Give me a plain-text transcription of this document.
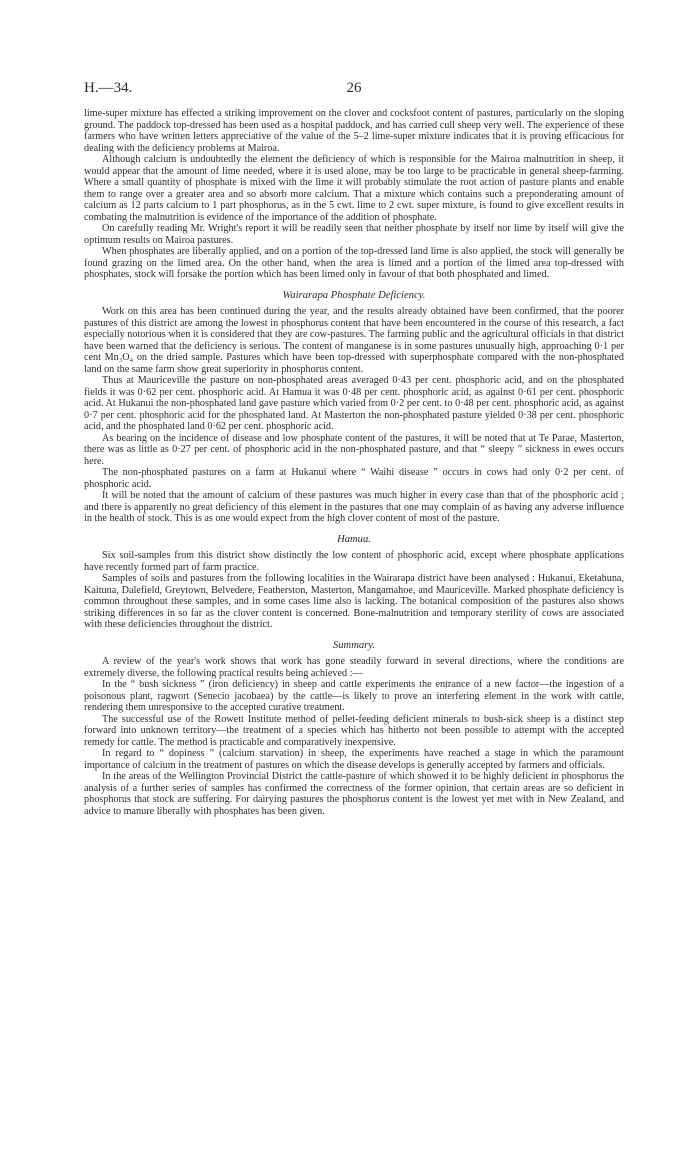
H.—34.	26

lime-super mixture has effected a striking improvement on the clover and cocksfoot content of pastures, particularly on the sloping ground. The paddock top-dressed has been used as a hospital paddock, and has carried cull sheep very well. The experience of these farmers who have written letters appreciative of the value of the 5–2 lime-super mixture indicates that it is proving efficacious for dealing with the deficiency problems at Mairoa.

Although calcium is undoubtedly the element the deficiency of which is responsible for the Mairoa malnutrition in sheep, it would appear that the amount of lime needed, where it is used alone, may be too large to be practicable in general sheep-farming. Where a small quantity of phosphate is mixed with the lime it will probably stimulate the root action of pasture plants and enable them to range over a greater area and so absorb more calcium. That a mixture which contains such a preponderating amount of calcium as 12 parts calcium to 1 part phosphorus, as in the 5 cwt. lime to 2 cwt. super mixture, is found to give excellent results in combating the malnutrition is evidence of the importance of the addition of phosphate.

On carefully reading Mr. Wright's report it will be readily seen that neither phosphate by itself nor lime by itself will give the optimum results on Mairoa pastures.

When phosphates are liberally applied, and on a portion of the top-dressed land lime is also applied, the stock will generally be found grazing on the limed area. On the other hand, when the area is limed and a portion of the limed area top-dressed with phosphates, stock will forsake the portion which has been limed only in favour of that both phosphated and limed.

Wairarapa Phosphate Deficiency.

Work on this area has been continued during the year, and the results already obtained have been confirmed, that the poorer pastures of this district are among the lowest in phosphorus content that have been encountered in the course of this research, a fact especially notorious when it is considered that they are cow-pastures. The farming public and the agricultural officials in that district have been warned that the deficiency is serious. The content of manganese is in some pastures unusually high, approaching 0·1 per cent Mn₃O₄ on the dried sample. Pastures which have been top-dressed with superphosphate compared with the non-phosphated land on the same farm show great superiority in phosphorus content.

Thus at Mauriceville the pasture on non-phosphated areas averaged 0·43 per cent. phosphoric acid, and on the phosphated fields it was 0·62 per cent. phosphoric acid. At Hamua it was 0·48 per cent. phosphoric acid, as against 0·61 per cent. phosphoric acid. At Hukanui the non-phosphated land gave pasture which varied from 0·2 per cent. to 0·48 per cent. phosphoric acid, as against 0·7 per cent. phosphoric acid for the phosphated land. At Masterton the non-phosphated pasture yielded 0·38 per cent. phosphoric acid, and the phosphated land 0·62 per cent. phosphoric acid.

As bearing on the incidence of disease and low phosphate content of the pastures, it will be noted that at Te Parae, Masterton, there was as little as 0·27 per cent. of phosphoric acid in the non-phosphated pasture, and that “ sleepy ” sickness in ewes occurs here.

The non-phosphated pastures on a farm at Hukanui where “ Waihi disease ” occurs in cows had only 0·2 per cent. of phosphoric acid.

It will be noted that the amount of calcium of these pastures was much higher in every case than that of the phosphoric acid ; and there is apparently no great deficiency of this element in the pastures that one may complain of as having any adverse influence in the health of stock. This is as one would expect from the high clover content of most of the pasture.

Hamua.

Six soil-samples from this district show distinctly the low content of phosphoric acid, except where phosphate applications have recently formed part of farm practice.

Samples of soils and pastures from the following localities in the Wairarapa district have been analysed : Hukanui, Eketahuna, Kaituna, Dalefield, Greytown, Belvedere, Featherston, Masterton, Mangamahoe, and Mauriceville. Marked phosphate deficiency is common throughout these samples, and in some cases lime also is lacking. The botanical composition of the pastures also shows striking differences in so far as the clover content is concerned. Bone-malnutrition and temporary sterility of cows are associated with these deficiencies throughout the district.

Summary.

A review of the year's work shows that work has gone steadily forward in several directions, where the conditions are extremely diverse, the following practical results being achieved :—

In the “ bush sickness ” (iron deficiency) in sheep and cattle experiments the entrance of a new factor—the ingestion of a poisonous plant, ragwort (Senecio jacobaea) by the cattle—is likely to prove an interfering element in the work with cattle, rendering them unresponsive to the accepted curative treatment.

The successful use of the Rowett Institute method of pellet-feeding deficient minerals to bush-sick sheep is a distinct step forward into unknown territory—the treatment of a species which has hitherto not been possible to attempt with the accepted remedy for cattle. The method is practicable and comparatively inexpensive.

In regard to “ dopiness ” (calcium starvation) in sheep, the experiments have reached a stage in which the paramount importance of calcium in the treatment of pastures on which the disease develops is generally accepted by farmers and officials.

In the areas of the Wellington Provincial District the cattle-pasture of which showed it to be highly deficient in phosphorus the analysis of a further series of samples has confirmed the correctness of the former opinion, that certain areas are so deficient in phosphorus that stock are suffering. For dairying pastures the phosphorus content is the lowest yet met with in New Zealand, and advice to manure liberally with phosphates has been given.
